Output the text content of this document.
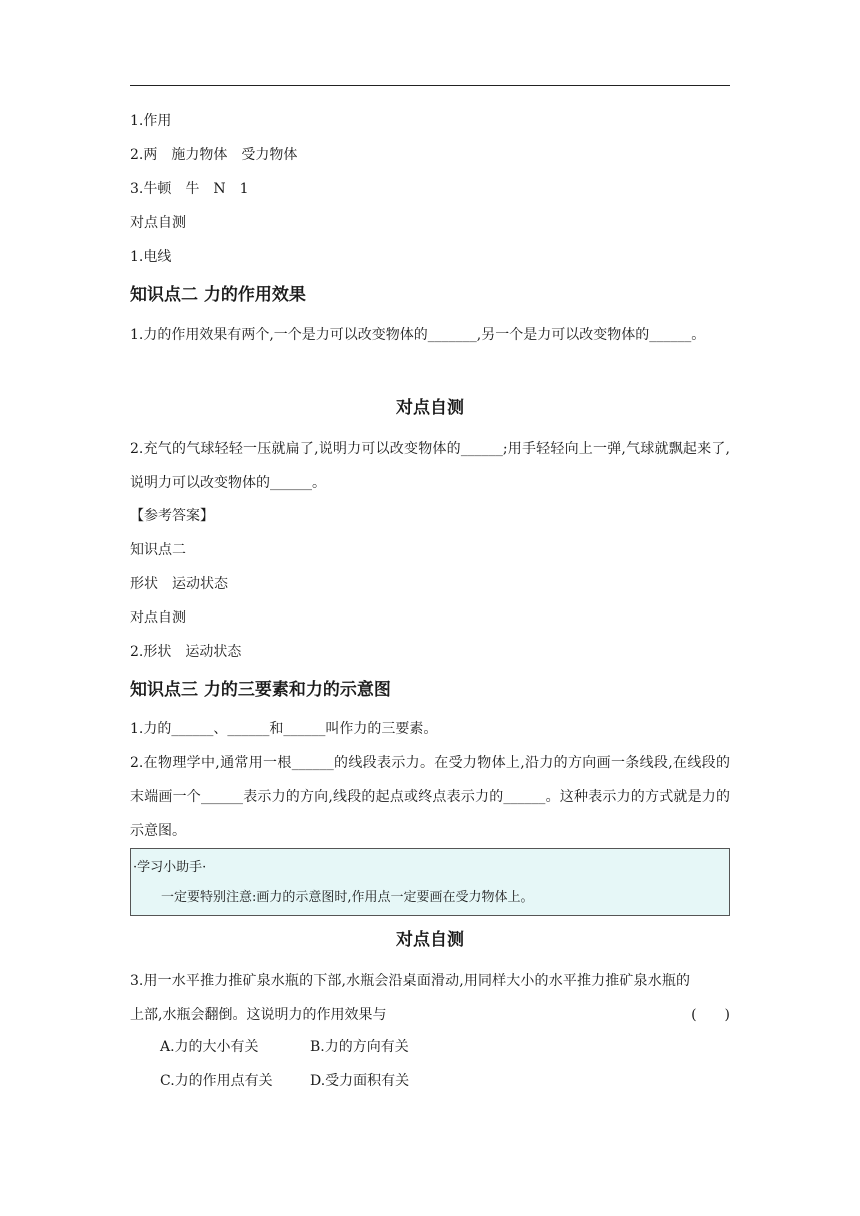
1.作用
2.两　施力物体　受力物体
3.牛顿　牛　N　1
对点自测
1.电线
知识点二 力的作用效果
1.力的作用效果有两个,一个是力可以改变物体的_______,另一个是力可以改变物体的______。
对点自测
2.充气的气球轻轻一压就扁了,说明力可以改变物体的______;用手轻轻向上一弹,气球就飘起来了,说明力可以改变物体的______。
【参考答案】
知识点二
形状　运动状态
对点自测
2.形状　运动状态
知识点三 力的三要素和力的示意图
1.力的______、______和______叫作力的三要素。
2.在物理学中,通常用一根______的线段表示力。在受力物体上,沿力的方向画一条线段,在线段的末端画一个______表示力的方向,线段的起点或终点表示力的______。这种表示力的方式就是力的示意图。
·学习小助手·
一定要特别注意:画力的示意图时,作用点一定要画在受力物体上。
对点自测
3.用一水平推力推矿泉水瓶的下部,水瓶会沿桌面滑动,用同样大小的水平推力推矿泉水瓶的上部,水瓶会翻倒。这说明力的作用效果与	(　　)
A.力的大小有关	B.力的方向有关
C.力的作用点有关	D.受力面积有关
